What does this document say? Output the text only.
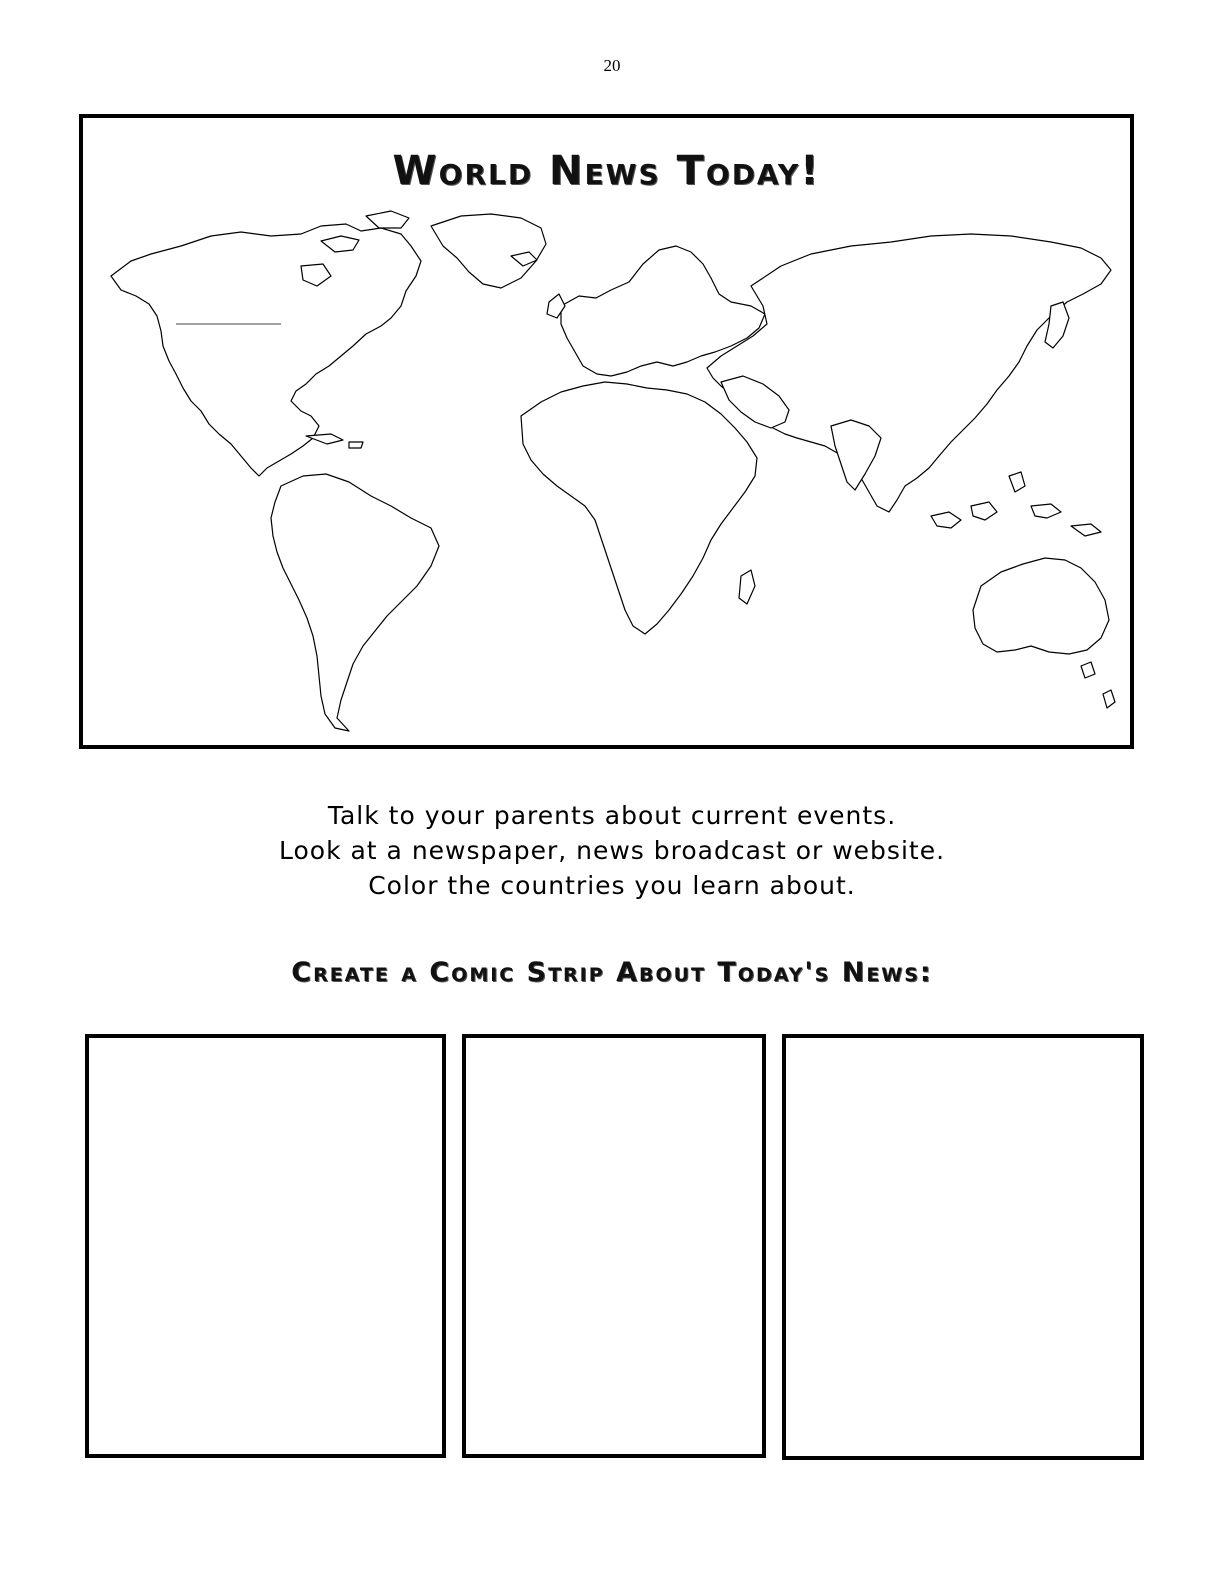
20
World News Today!
Talk to your parents about current events.
Look at a newspaper, news broadcast or website.
Color the countries you learn about.
Create a Comic Strip About Today's News:
